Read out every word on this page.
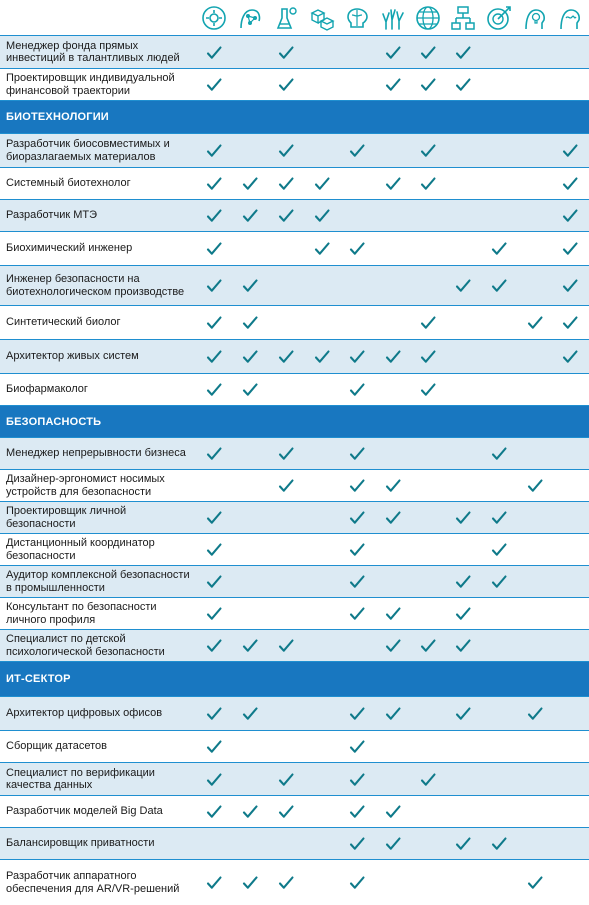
Менеджер фонда прямых инвестиций в талантливых людей
Проектировщик индивидуальной финансовой траектории
БИОТЕХНОЛОГИИ
Разработчик биосовместимых и биоразлагаемых материалов
Системный биотехнолог
Разработчик МТЭ
Биохимический инженер
Инженер безопасности на биотехнологическом производстве
Синтетический биолог
Архитектор живых систем
Биофармаколог
БЕЗОПАСНОСТЬ
Менеджер непрерывности бизнеса
Дизайнер-эргономист носимых устройств для безопасности
Проектировщик личной безопасности
Дистанционный координатор безопасности
Аудитор комплексной безопасности в промышленности
Консультант по безопасности личного профиля
Специалист по детской психологической безопасности
ИТ-СЕКТОР
Архитектор цифровых офисов
Сборщик датасетов
Специалист по верификации качества данных
Разработчик моделей Big Data
Балансировщик приватности
Разработчик аппаратного обеспечения для AR/VR-решений
